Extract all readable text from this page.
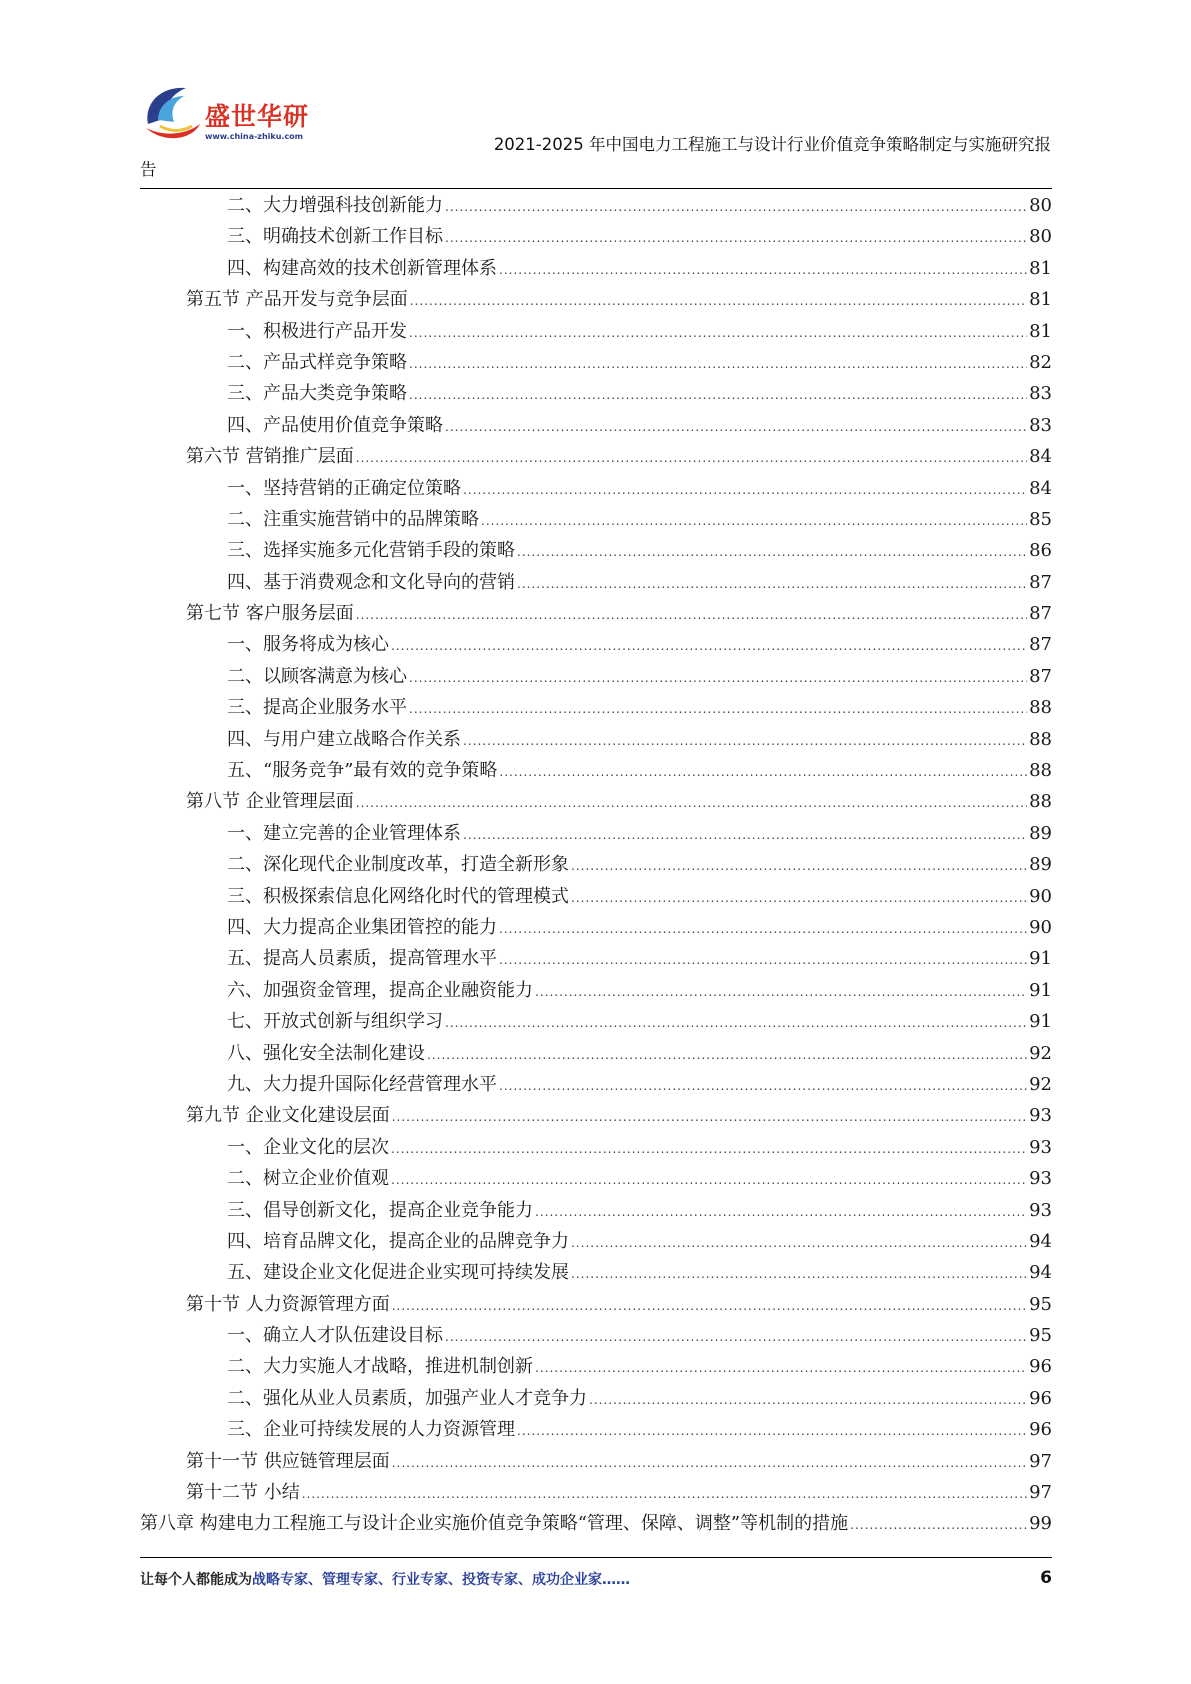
盛世华研
www.china-zhiku.com	2021-2025 年中国电力工程施工与设计行业价值竞争策略制定与实施研究报
告
二、大力增强科技创新能力 .....	80
三、明确技术创新工作目标 .....	80
四、构建高效的技术创新管理体系 .....	81
第五节 产品开发与竞争层面 .....	81
一、积极进行产品开发 .....	81
二、产品式样竞争策略 .....	82
三、产品大类竞争策略 .....	83
四、产品使用价值竞争策略 .....	83
第六节 营销推广层面 .....	84
一、坚持营销的正确定位策略 .....	84
二、注重实施营销中的品牌策略 .....	85
三、选择实施多元化营销手段的策略 .....	86
四、基于消费观念和文化导向的营销 .....	87
第七节 客户服务层面 .....	87
一、服务将成为核心 .....	87
二、以顾客满意为核心 .....	87
三、提高企业服务水平 .....	88
四、与用户建立战略合作关系 .....	88
五、“服务竞争”最有效的竞争策略 .....	88
第八节 企业管理层面 .....	88
一、建立完善的企业管理体系 .....	89
二、深化现代企业制度改革，打造全新形象 .....	89
三、积极探索信息化网络化时代的管理模式 .....	90
四、大力提高企业集团管控的能力 .....	90
五、提高人员素质，提高管理水平 .....	91
六、加强资金管理，提高企业融资能力 .....	91
七、开放式创新与组织学习 .....	91
八、强化安全法制化建设 .....	92
九、大力提升国际化经营管理水平 .....	92
第九节 企业文化建设层面 .....	93
一、企业文化的层次 .....	93
二、树立企业价值观 .....	93
三、倡导创新文化，提高企业竞争能力 .....	93
四、培育品牌文化，提高企业的品牌竞争力 .....	94
五、建设企业文化促进企业实现可持续发展 .....	94
第十节 人力资源管理方面 .....	95
一、确立人才队伍建设目标 .....	95
二、大力实施人才战略，推进机制创新 .....	96
二、强化从业人员素质，加强产业人才竞争力 .....	96
三、企业可持续发展的人力资源管理 .....	96
第十一节 供应链管理层面 .....	97
第十二节 小结 .....	97
第八章 构建电力工程施工与设计企业实施价值竞争策略“管理、保障、调整”等机制的措施 .....	99
让每个人都能成为战略专家、管理专家、行业专家、投资专家、成功企业家……	6
